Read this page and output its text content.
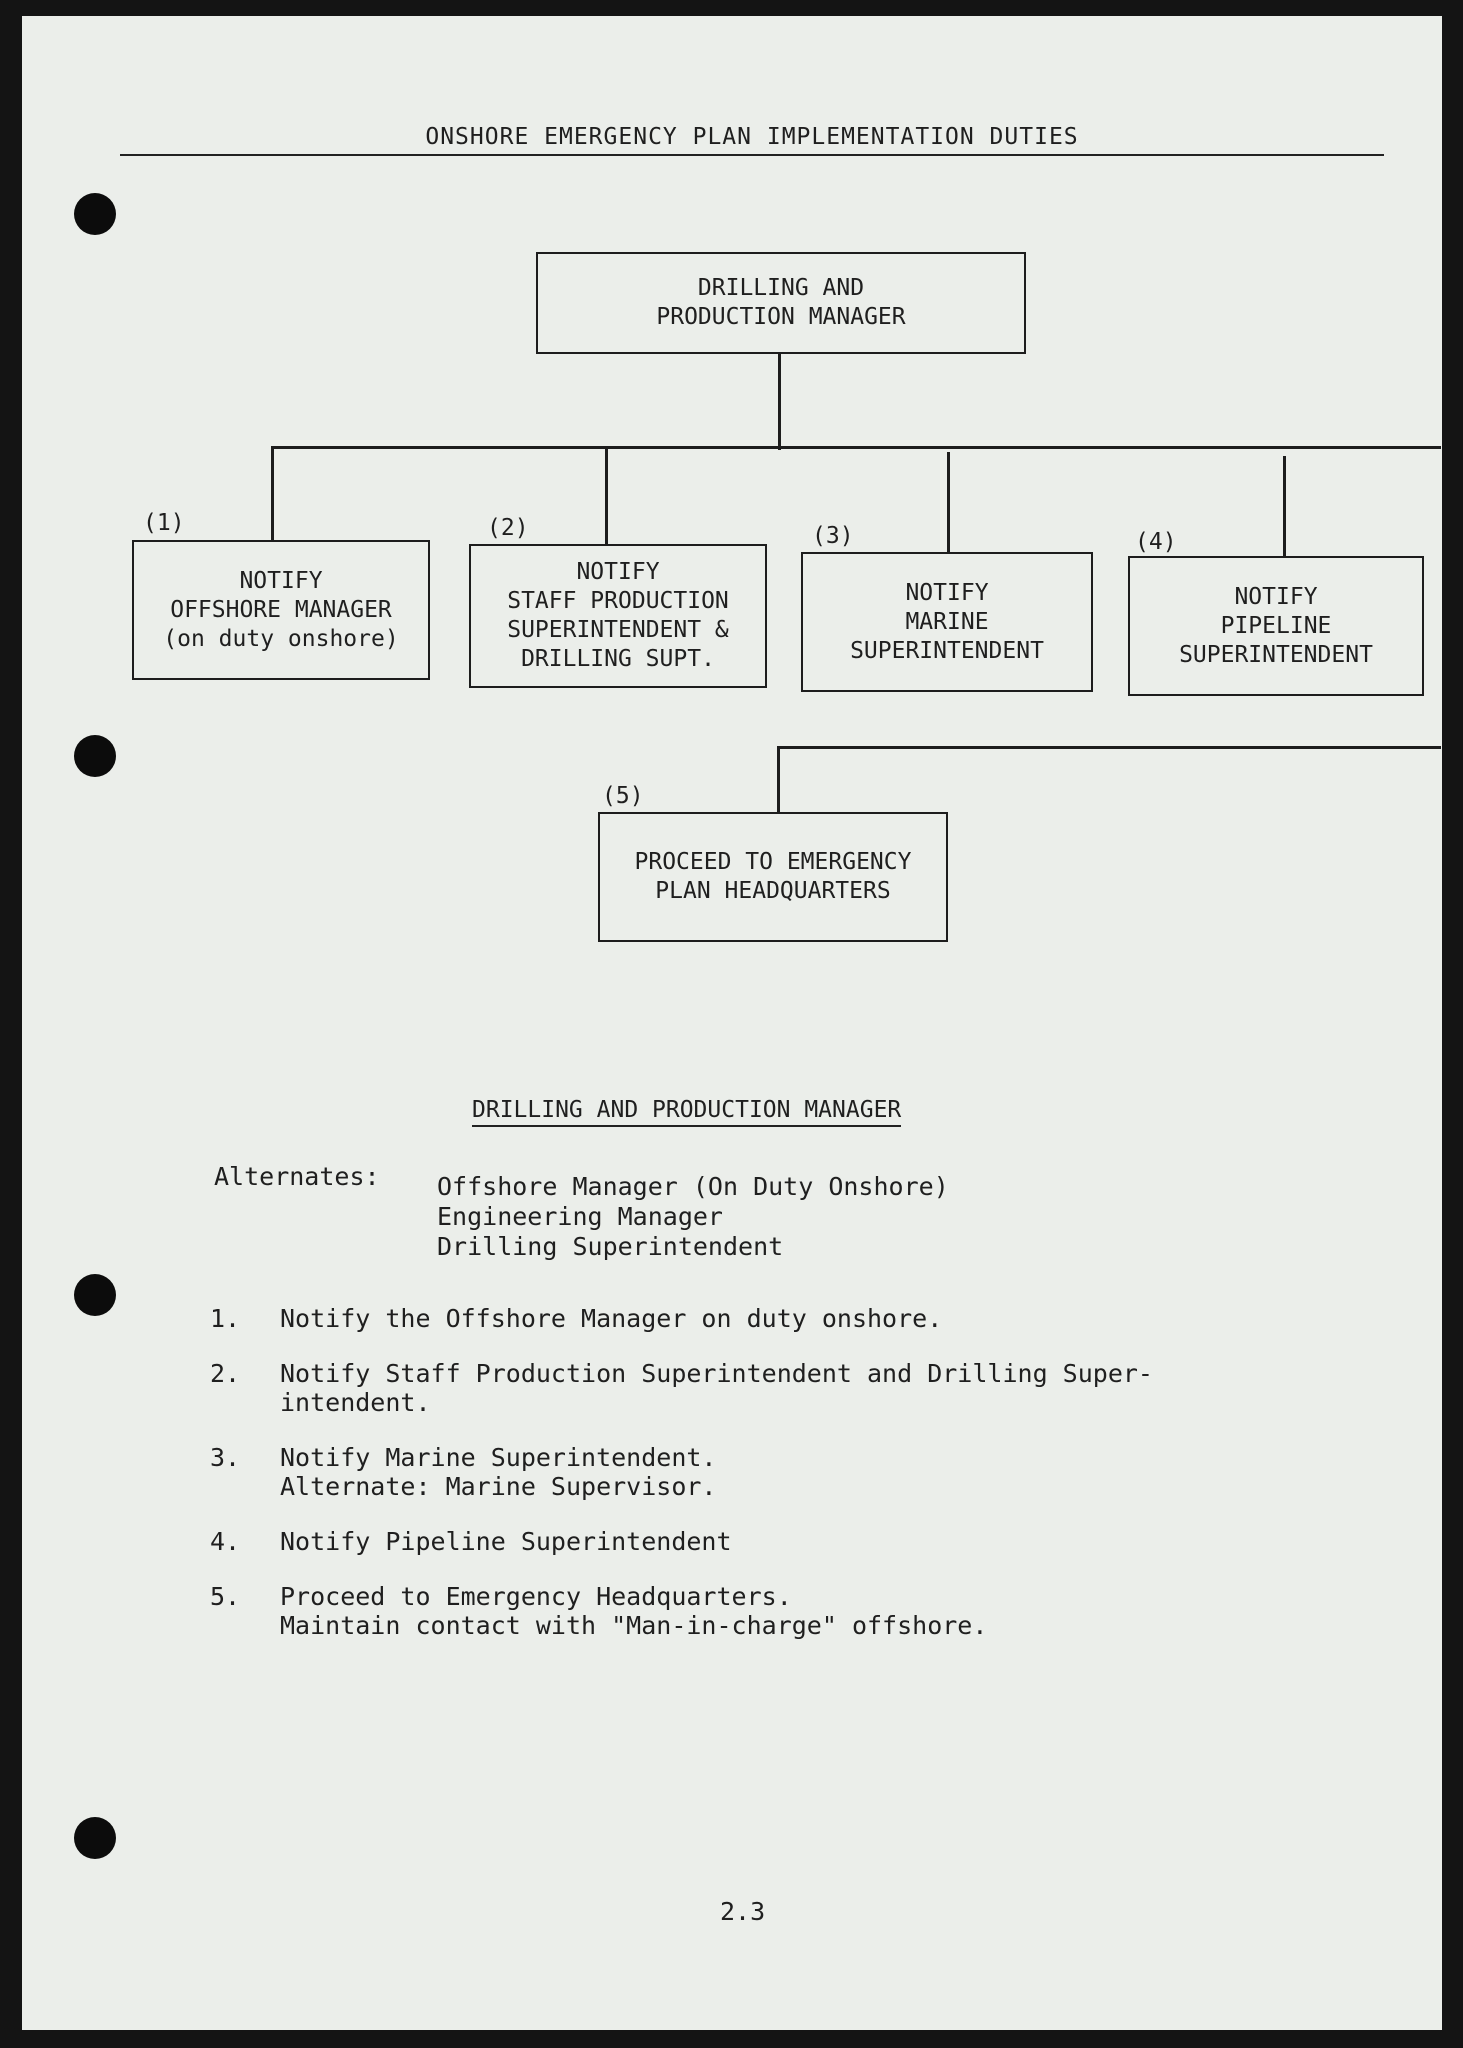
ONSHORE EMERGENCY PLAN IMPLEMENTATION DUTIES
DRILLING AND
PRODUCTION MANAGER
(1)
NOTIFY
OFFSHORE MANAGER
(on duty onshore)
(2)
NOTIFY
STAFF PRODUCTION
SUPERINTENDENT &
DRILLING SUPT.
(3)
NOTIFY
MARINE
SUPERINTENDENT
(4)
NOTIFY
PIPELINE
SUPERINTENDENT
(5)
PROCEED TO EMERGENCY
PLAN HEADQUARTERS
DRILLING AND PRODUCTION MANAGER
Alternates: Offshore Manager (On Duty Onshore)
Engineering Manager
Drilling Superintendent
1.	Notify the Offshore Manager on duty onshore.
2.	Notify Staff Production Superintendent and Drilling Super-
intendent.
3.	Notify Marine Superintendent.
Alternate: Marine Supervisor.
4.	Notify Pipeline Superintendent
5.	Proceed to Emergency Headquarters.
Maintain contact with "Man-in-charge" offshore.
2.3
